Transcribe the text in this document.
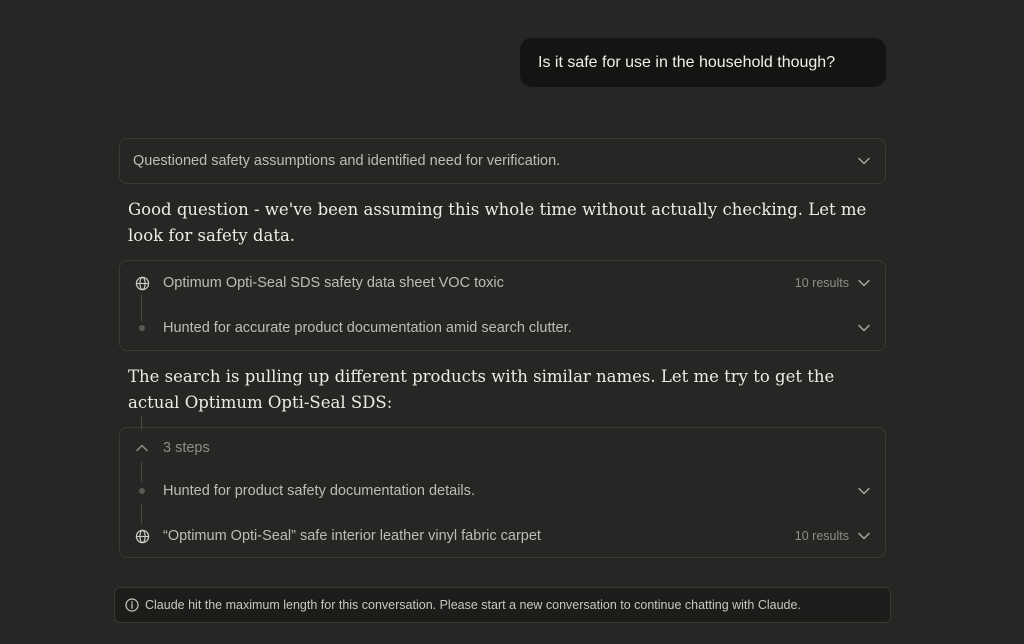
Is it safe for use in the household though?
Questioned safety assumptions and identified need for verification.
Good question - we've been assuming this whole time without actually checking. Let me look for safety data.
Optimum Opti-Seal SDS safety data sheet VOC toxic	10 results
Hunted for accurate product documentation amid search clutter.
The search is pulling up different products with similar names. Let me try to get the actual Optimum Opti-Seal SDS:
3 steps
Hunted for product safety documentation details.
“Optimum Opti-Seal” safe interior leather vinyl fabric carpet	10 results
Claude hit the maximum length for this conversation. Please start a new conversation to continue chatting with Claude.
